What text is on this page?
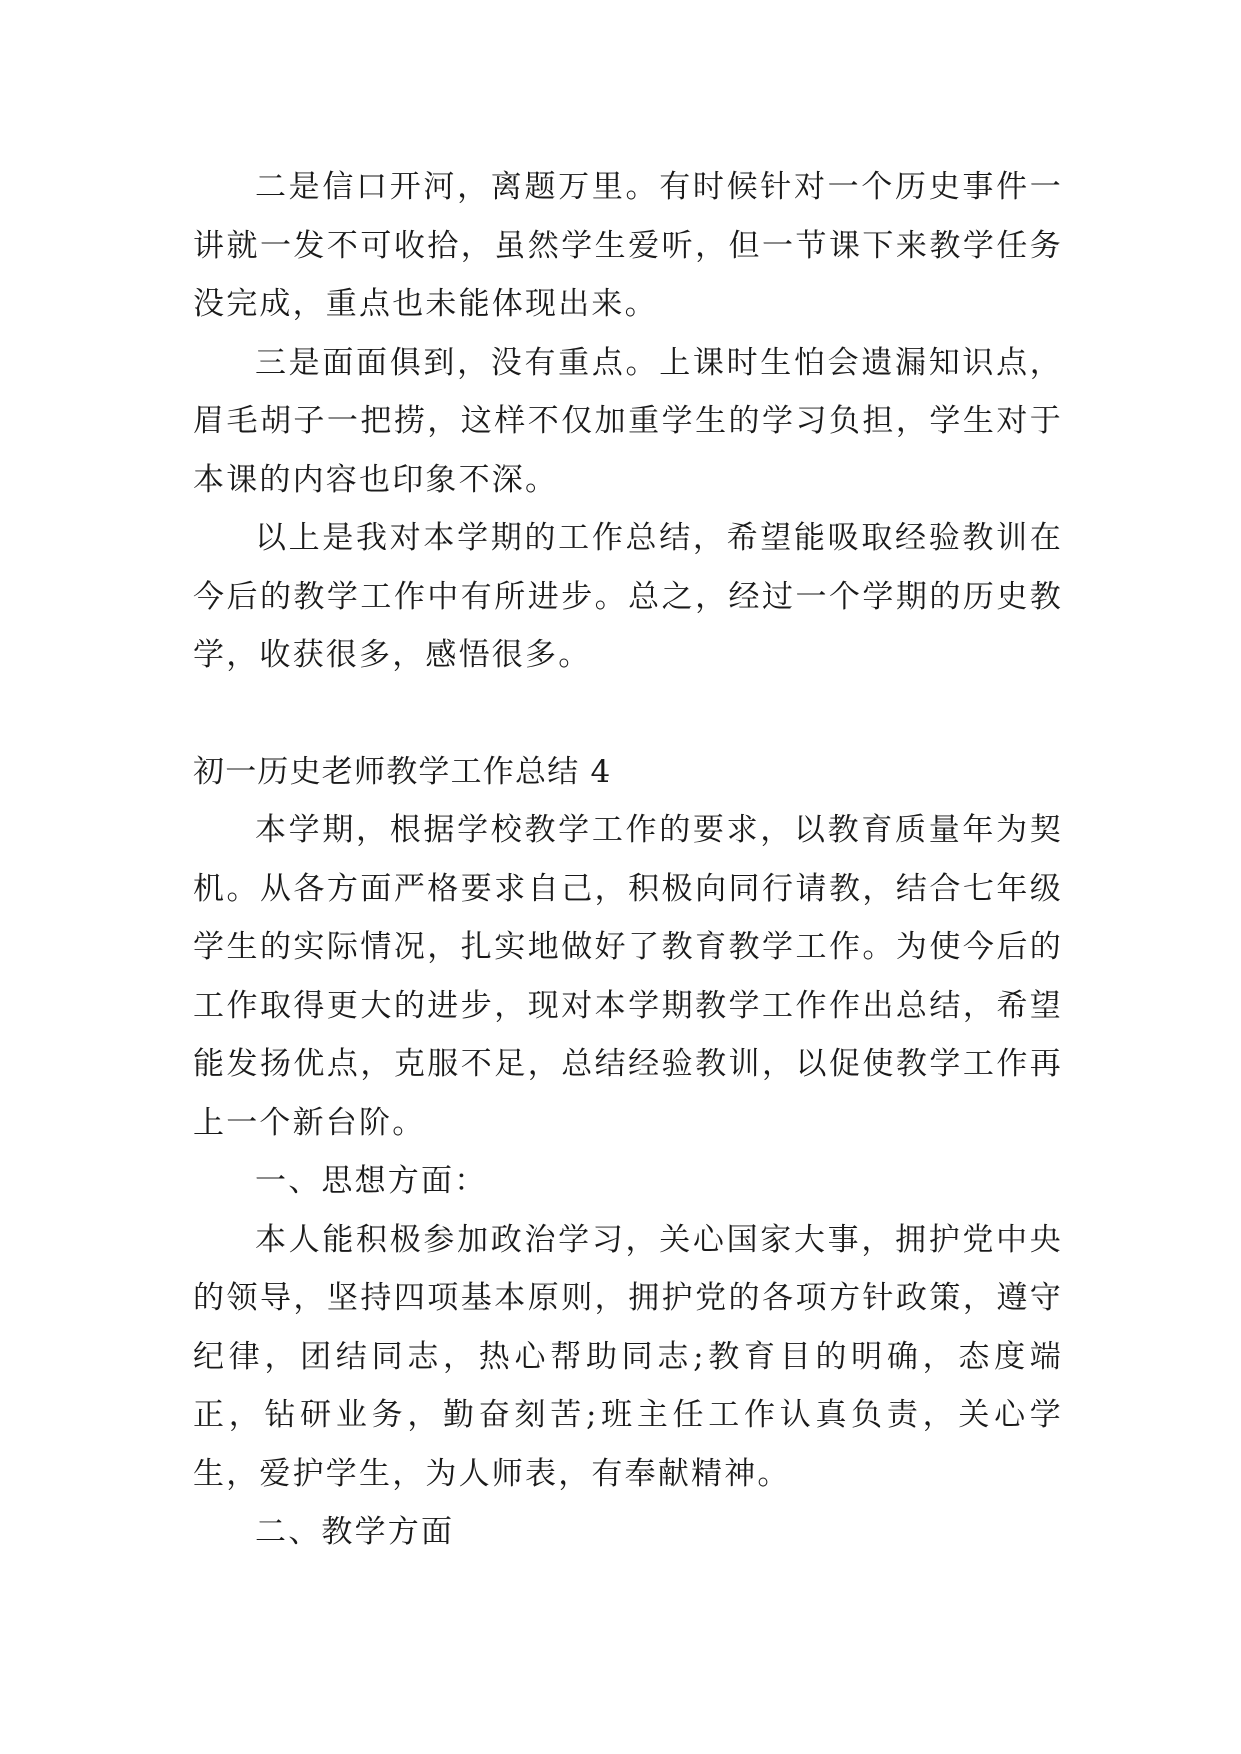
二是信口开河，离题万里。有时候针对一个历史事件一讲就一发不可收拾，虽然学生爱听，但一节课下来教学任务没完成，重点也未能体现出来。

三是面面俱到，没有重点。上课时生怕会遗漏知识点，眉毛胡子一把捞，这样不仅加重学生的学习负担，学生对于本课的内容也印象不深。

以上是我对本学期的工作总结，希望能吸取经验教训在今后的教学工作中有所进步。总之，经过一个学期的历史教学，收获很多，感悟很多。

初一历史老师教学工作总结 4

本学期，根据学校教学工作的要求，以教育质量年为契机。从各方面严格要求自己，积极向同行请教，结合七年级学生的实际情况，扎实地做好了教育教学工作。为使今后的工作取得更大的进步，现对本学期教学工作作出总结，希望能发扬优点，克服不足，总结经验教训，以促使教学工作再上一个新台阶。

一、思想方面：

本人能积极参加政治学习，关心国家大事，拥护党中央的领导，坚持四项基本原则，拥护党的各项方针政策，遵守纪律，团结同志，热心帮助同志;教育目的明确，态度端正，钻研业务，勤奋刻苦;班主任工作认真负责，关心学生，爱护学生，为人师表，有奉献精神。

二、教学方面
